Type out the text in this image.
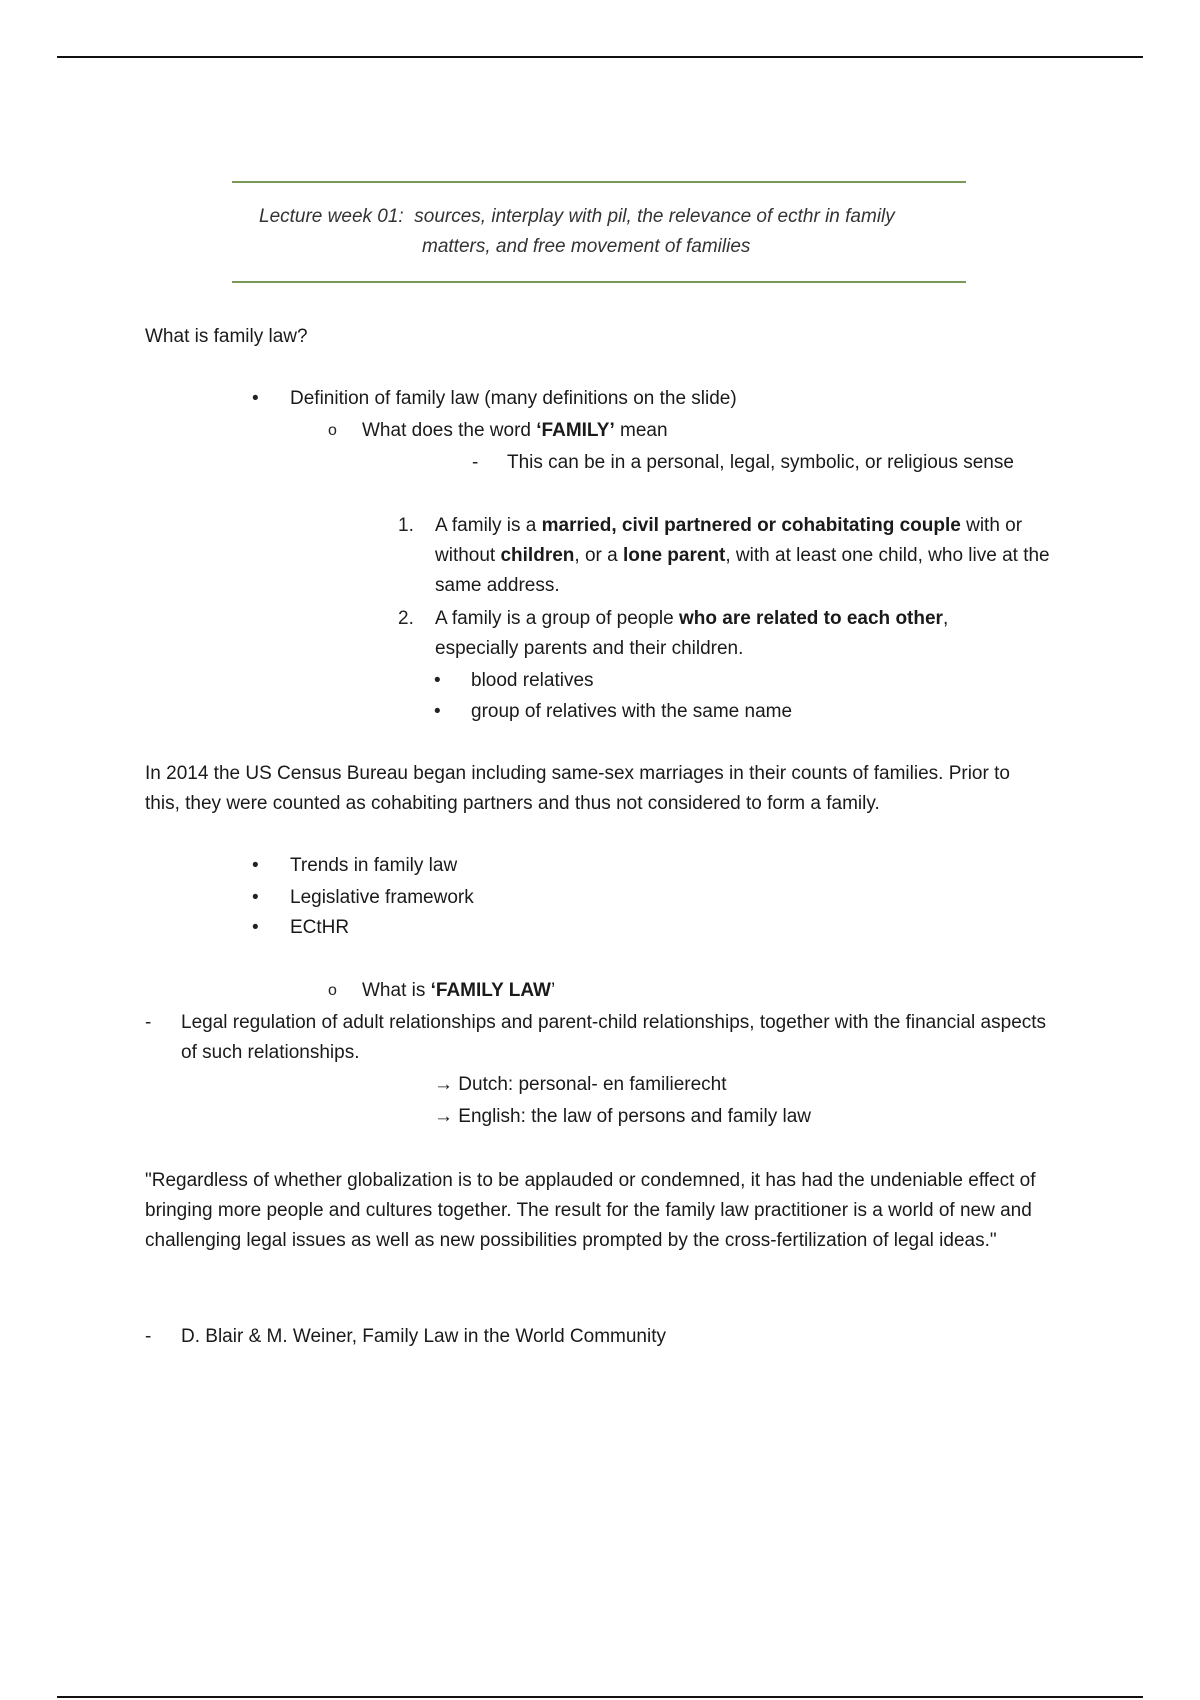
Lecture week 01: sources, interplay with pil, the relevance of ecthr in family
matters, and free movement of families
What is family law?
• Definition of family law (many definitions on the slide)
o What does the word ‘FAMILY’ mean
- This can be in a personal, legal, symbolic, or religious sense
1. A family is a married, civil partnered or cohabitating couple with or without children, or a lone parent, with at least one child, who live at the same address.
2. A family is a group of people who are related to each other, especially parents and their children.
• blood relatives
• group of relatives with the same name
In 2014 the US Census Bureau began including same-sex marriages in their counts of families. Prior to this, they were counted as cohabiting partners and thus not considered to form a family.
• Trends in family law
• Legislative framework
• ECtHR
o What is ‘FAMILY LAW’
- Legal regulation of adult relationships and parent-child relationships, together with the financial aspects of such relationships.
→ Dutch: personal- en familierecht
→ English: the law of persons and family law
"Regardless of whether globalization is to be applauded or condemned, it has had the undeniable effect of bringing more people and cultures together. The result for the family law practitioner is a world of new and challenging legal issues as well as new possibilities prompted by the cross-fertilization of legal ideas."
- D. Blair & M. Weiner, Family Law in the World Community
